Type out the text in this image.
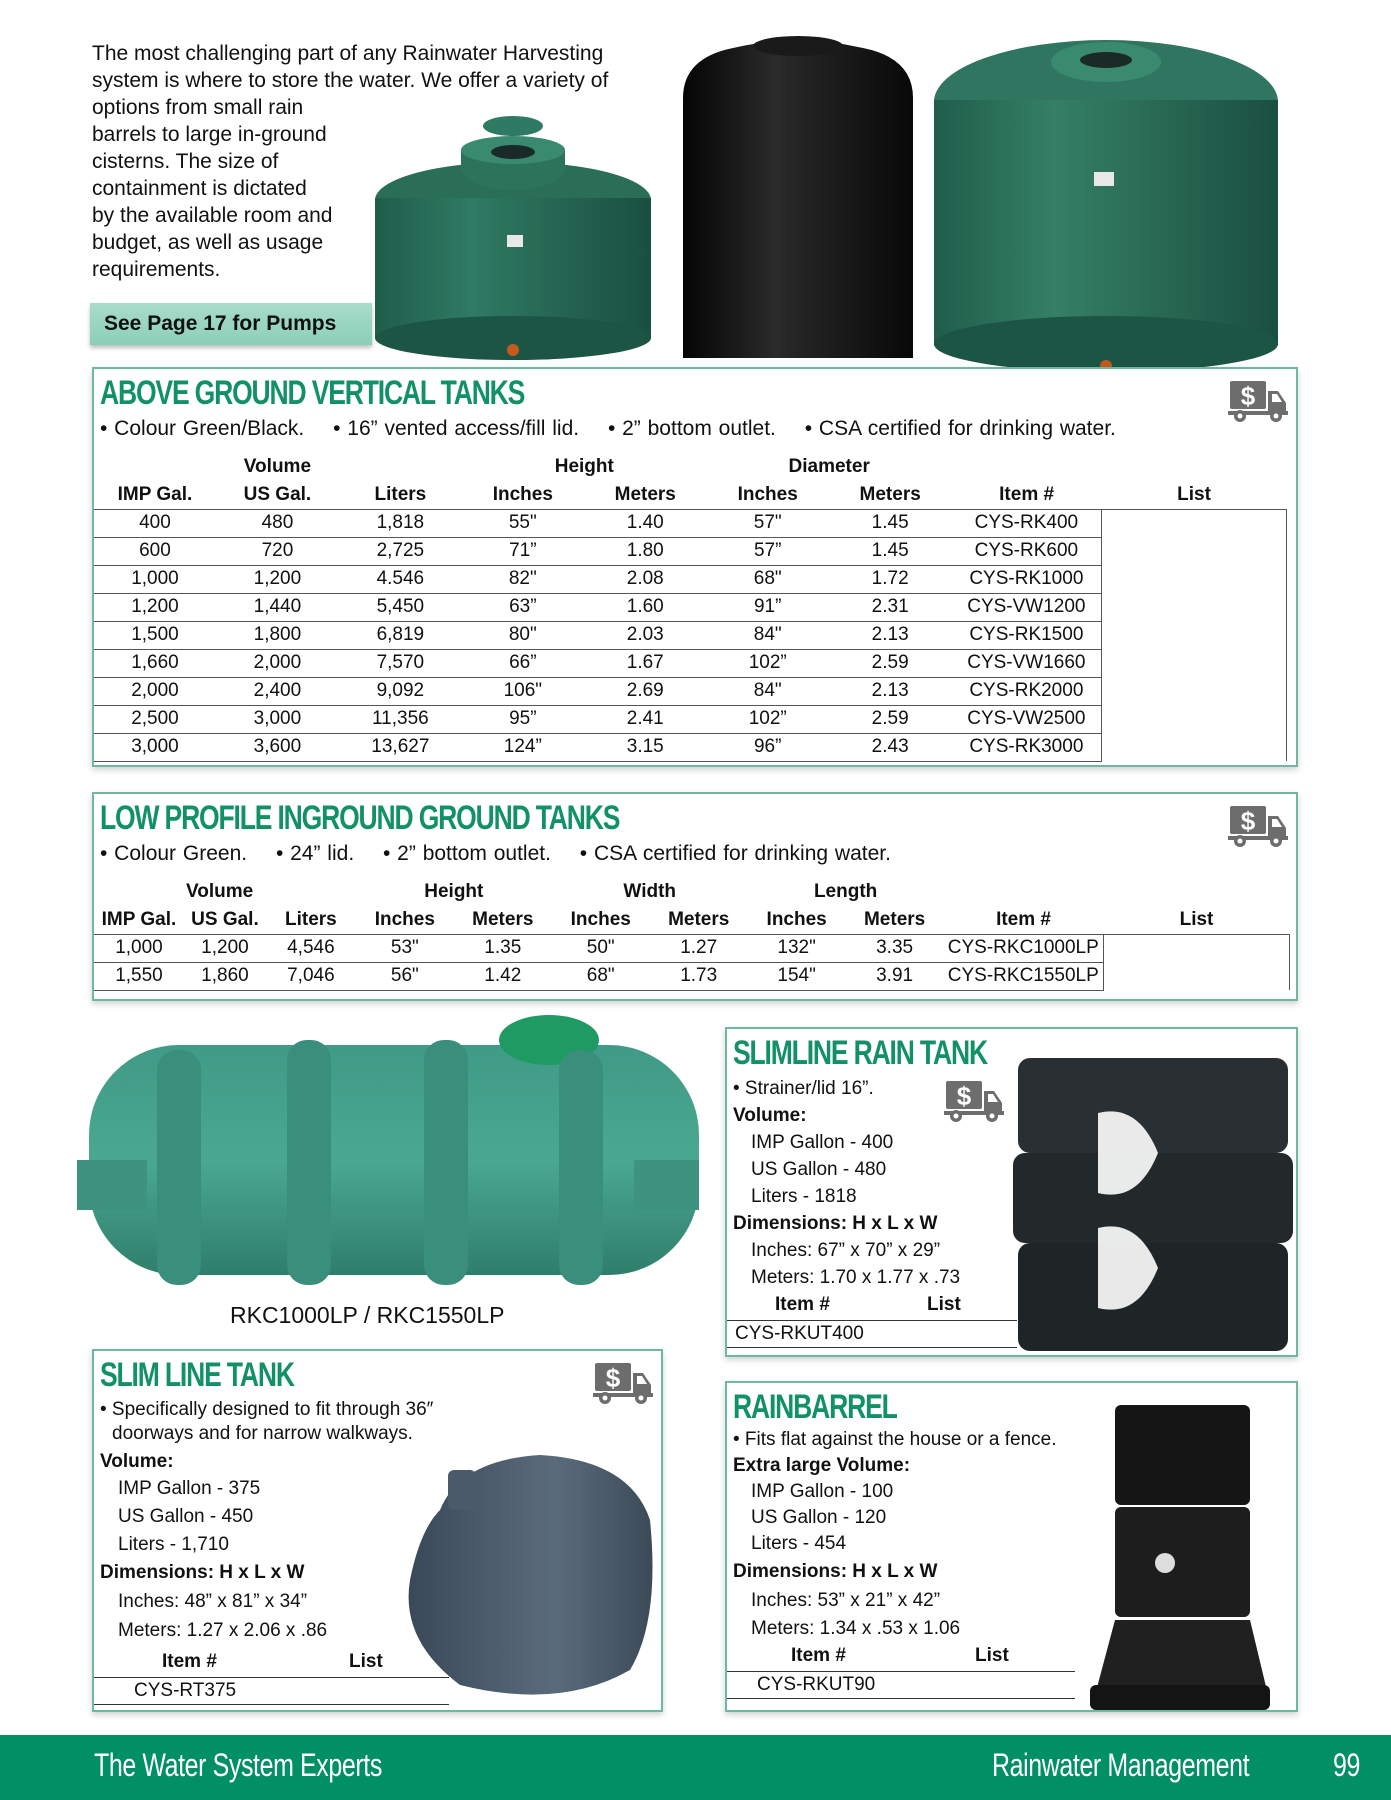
The most challenging part of any Rainwater Harvesting
system is where to store the water. We offer a variety of
options from small rain
barrels to large in-ground
cisterns. The size of
containment is dictated
by the available room and
budget, as well as usage
requirements.
See Page 17 for Pumps
ABOVE GROUND VERTICAL TANKS
• Colour Green/Black. • 16” vented access/fill lid. • 2” bottom outlet. • CSA certified for drinking water.
	Volume		Height		Diameter			
IMP Gal.	US Gal.	Liters	Inches	Meters	Inches	Meters	Item #	List
400	480	1,818	55"	1.40	57"	1.45	CYS-RK400	
600	720	2,725	71”	1.80	57”	1.45	CYS-RK600	
1,000	1,200	4.546	82"	2.08	68"	1.72	CYS-RK1000	
1,200	1,440	5,450	63”	1.60	91”	2.31	CYS-VW1200	
1,500	1,800	6,819	80"	2.03	84"	2.13	CYS-RK1500	
1,660	2,000	7,570	66”	1.67	102”	2.59	CYS-VW1660	
2,000	2,400	9,092	106"	2.69	84"	2.13	CYS-RK2000	
2,500	3,000	11,356	95”	2.41	102”	2.59	CYS-VW2500	
3,000	3,600	13,627	124”	3.15	96”	2.43	CYS-RK3000	

LOW PROFILE INGROUND GROUND TANKS
• Colour Green. • 24” lid. • 2” bottom outlet. • CSA certified for drinking water.
	Volume		Height		Width		Length			
IMP Gal.	US Gal.	Liters	Inches	Meters	Inches	Meters	Inches	Meters	Item #	List
1,000	1,200	4,546	53"	1.35	50"	1.27	132"	3.35	CYS-RKC1000LP	
1,550	1,860	7,046	56"	1.42	68"	1.73	154"	3.91	CYS-RKC1550LP	

RKC1000LP / RKC1550LP
SLIMLINE RAIN TANK
• Strainer/lid 16”.
Volume:
IMP Gallon - 400
US Gallon - 480
Liters - 1818
Dimensions: H x L x W
Inches: 67” x 70” x 29”
Meters: 1.70 x 1.77 x .73
Item #	List
CYS-RKUT400
SLIM LINE TANK
• Specifically designed to fit through 36″
doorways and for narrow walkways.
Volume:
IMP Gallon - 375
US Gallon - 450
Liters - 1,710
Dimensions: H x L x W
Inches: 48” x 81” x 34”
Meters: 1.27 x 2.06 x .86
Item #	List
CYS-RT375
RAINBARREL
• Fits flat against the house or a fence.
Extra large Volume:
IMP Gallon - 100
US Gallon - 120
Liters - 454
Dimensions: H x L x W
Inches: 53” x 21” x 42”
Meters: 1.34 x .53 x 1.06
Item #	List
CYS-RKUT90
The Water System Experts	Rainwater Management	99
